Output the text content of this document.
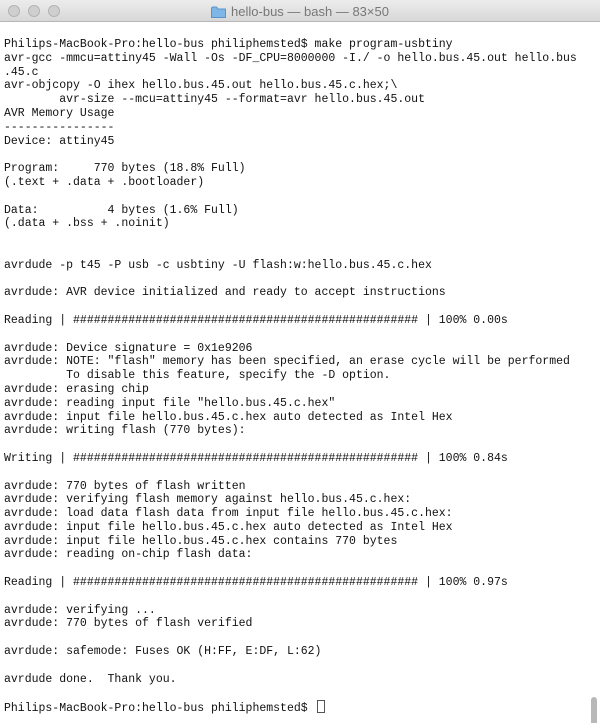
hello-bus — bash — 83×50
Philips-MacBook-Pro:hello-bus philiphemsted$ make program-usbtiny
avr-gcc -mmcu=attiny45 -Wall -Os -DF_CPU=8000000 -I./ -o hello.bus.45.out hello.bus
.45.c
avr-objcopy -O ihex hello.bus.45.out hello.bus.45.c.hex;\
avr-size --mcu=attiny45 --format=avr hello.bus.45.out
AVR Memory Usage
----------------
Device: attiny45
Program:     770 bytes (18.8% Full)
(.text + .data + .bootloader)
Data:          4 bytes (1.6% Full)
(.data + .bss + .noinit)
avrdude -p t45 -P usb -c usbtiny -U flash:w:hello.bus.45.c.hex
avrdude: AVR device initialized and ready to accept instructions
Reading | ################################################## | 100% 0.00s
avrdude: Device signature = 0x1e9206
avrdude: NOTE: "flash" memory has been specified, an erase cycle will be performed
To disable this feature, specify the -D option.
avrdude: erasing chip
avrdude: reading input file "hello.bus.45.c.hex"
avrdude: input file hello.bus.45.c.hex auto detected as Intel Hex
avrdude: writing flash (770 bytes):
Writing | ################################################## | 100% 0.84s
avrdude: 770 bytes of flash written
avrdude: verifying flash memory against hello.bus.45.c.hex:
avrdude: load data flash data from input file hello.bus.45.c.hex:
avrdude: input file hello.bus.45.c.hex auto detected as Intel Hex
avrdude: input file hello.bus.45.c.hex contains 770 bytes
avrdude: reading on-chip flash data:
Reading | ################################################## | 100% 0.97s
avrdude: verifying ...
avrdude: 770 bytes of flash verified
avrdude: safemode: Fuses OK (H:FF, E:DF, L:62)
avrdude done.  Thank you.
Philips-MacBook-Pro:hello-bus philiphemsted$
